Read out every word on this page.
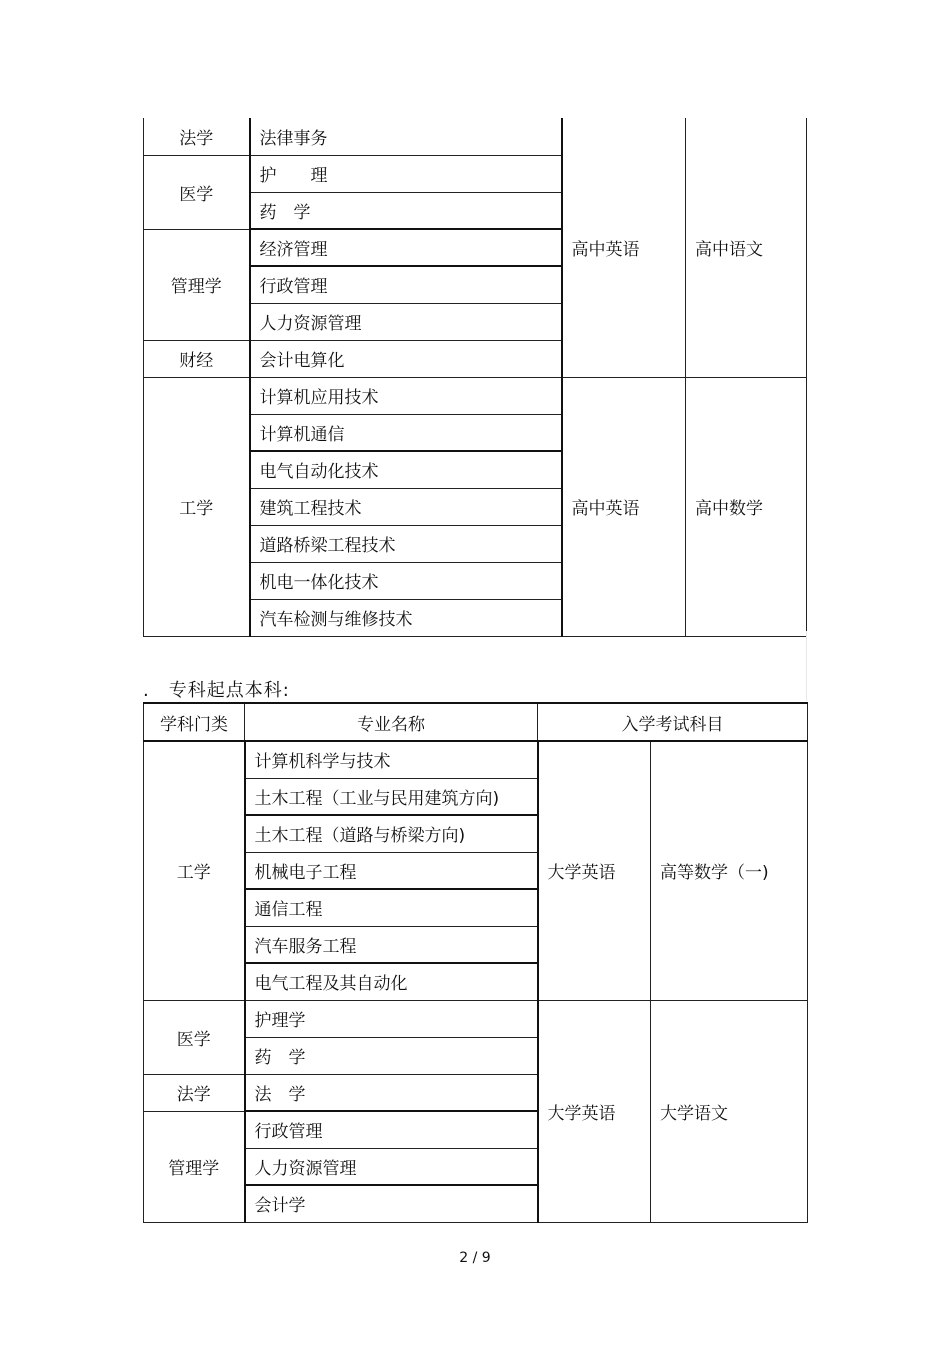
法学	法律事务	高中英语	高中语文
医学	护　　理		
	药　学		
管理学	经济管理		
	行政管理		
	人力资源管理		
财经	会计电算化		
工学	计算机应用技术	高中英语	高中数学
	计算机通信		
	电气自动化技术		
	建筑工程技术		
	道路桥梁工程技术		
	机电一体化技术		
	汽车检测与维修技术		
.　专科起点本科:
学科门类	专业名称	入学考试科目	
工学	计算机科学与技术	大学英语	高等数学（一)
	土木工程（工业与民用建筑方向)		
	土木工程（道路与桥梁方向)		
	机械电子工程		
	通信工程		
	汽车服务工程		
	电气工程及其自动化		
医学	护理学	大学英语	大学语文
	药　学		
法学	法　学		
管理学	行政管理		
	人力资源管理		
	会计学		
2 / 9
